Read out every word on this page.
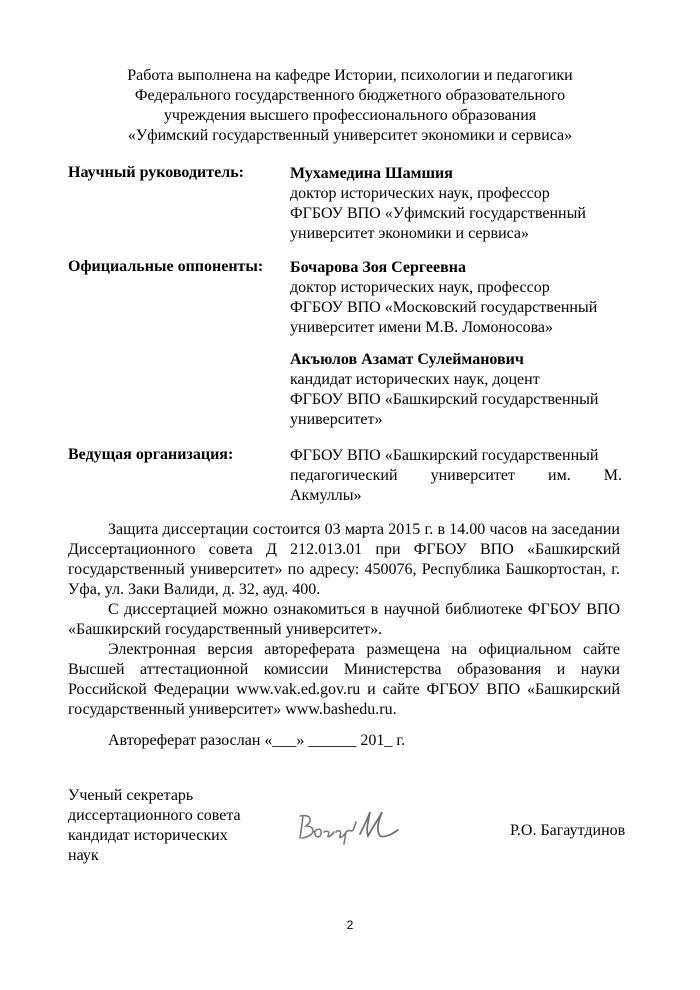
Работа выполнена на кафедре Истории, психологии и педагогики
Федерального государственного бюджетного образовательного
учреждения высшего профессионального образования
«Уфимский государственный университет экономики и сервиса»
Научный руководитель:	Мухамедина Шамшия
доктор исторических наук, профессор
ФГБОУ ВПО «Уфимский государственный
университет экономики и сервиса»
Официальные оппоненты: Бочарова Зоя Сергеевна
доктор исторических наук, профессор
ФГБОУ ВПО «Московский государственный
университет имени М.В. Ломоносова»
Акъюлов Азамат Сулейманович
кандидат исторических наук, доцент
ФГБОУ ВПО «Башкирский государственный
университет»
Ведущая организация:	ФГБОУ ВПО «Башкирский государственный
педагогический университет им. М.
Акмуллы»
Защита диссертации состоится 03 марта 2015 г. в 14.00 часов на заседании Диссертационного совета Д 212.013.01 при ФГБОУ ВПО «Башкирский государственный университет» по адресу: 450076, Республика Башкортостан, г. Уфа, ул. Заки Валиди, д. 32, ауд. 400.
С диссертацией можно ознакомиться в научной библиотеке ФГБОУ ВПО «Башкирский государственный университет».
Электронная версия автореферата размещена на официальном сайте Высшей аттестационной комиссии Министерства образования и науки Российской Федерации www.vak.ed.gov.ru и сайте ФГБОУ ВПО «Башкирский государственный университет» www.bashedu.ru.
Автореферат разослан «___» ______ 201_ г.
Ученый секретарь
диссертационного совета
кандидат исторических
наук
Р.О. Багаутдинов
2
